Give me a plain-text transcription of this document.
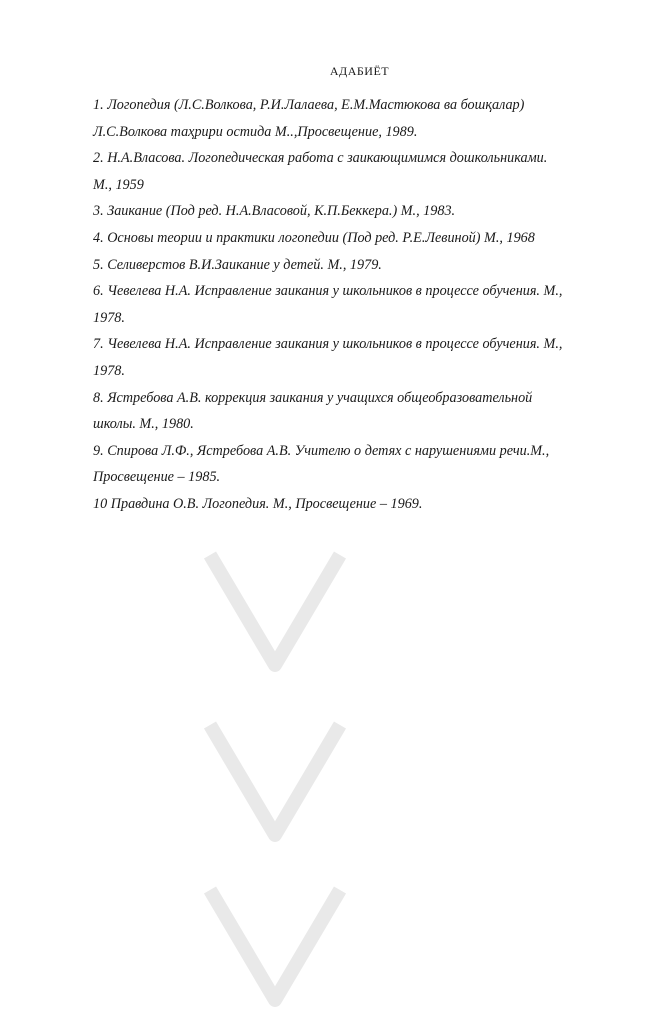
АДАБИЁТ
1. Логопедия (Л.С.Волкова, Р.И.Лалаева, Е.М.Мастюкова ва бошқалар)
Л.С.Волкова таҳрири остида М..,Просвещение, 1989.
2. Н.А.Власова. Логопедическая работа с заикающимимся дошкольниками.
М., 1959
3. Заикание (Под ред. Н.А.Власовой, К.П.Беккера.) М., 1983.
4. Основы теории и практики логопедии (Под ред. Р.Е.Левиной) М., 1968
5. Селиверстов В.И.Заикание у детей. М., 1979.
6. Чевелева Н.А. Исправление заикания у школьников в процессе обучения. М.,
1978.
7. Чевелева Н.А. Исправление заикания у школьников в процессе обучения. М.,
1978.
8. Ястребова А.В. коррекция заикания у учащихся общеобразовательной
школы. М., 1980.
9. Спирова Л.Ф., Ястребова А.В. Учителю о детях с нарушениями речи.М.,
Просвещение – 1985.
10 Правдина О.В. Логопедия. М., Просвещение – 1969.
